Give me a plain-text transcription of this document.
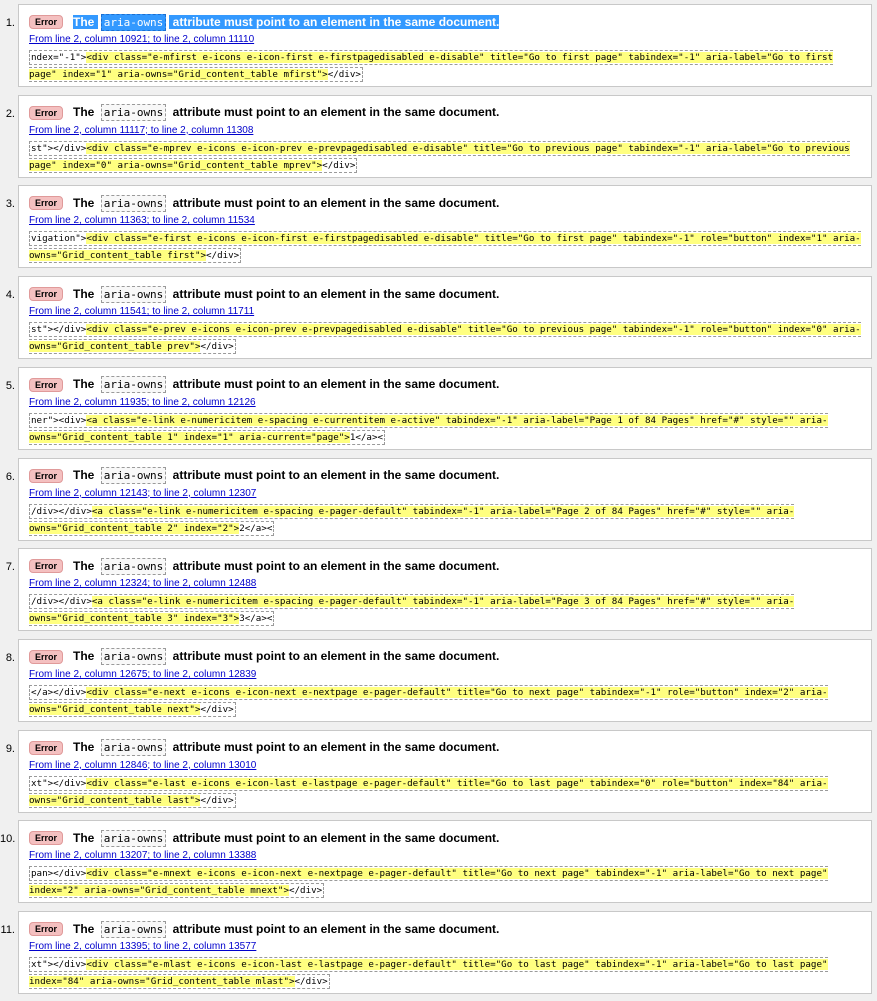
1.	Error	The aria-owns attribute must point to an element in the same document.
From line 2, column 10921; to line 2, column 11110
ndex="-1"><div class="e-mfirst e-icons e-icon-first e-firstpagedisabled e-disable" title="Go to first page" tabindex="-1" aria-label="Go to first page" index="1" aria-owns="Grid_content_table mfirst"></div>
2.	Error	The aria-owns attribute must point to an element in the same document.
From line 2, column 11117; to line 2, column 11308
st"></div><div class="e-mprev e-icons e-icon-prev e-prevpagedisabled e-disable" title="Go to previous page" tabindex="-1" aria-label="Go to previous page" index="0" aria-owns="Grid_content_table mprev"></div>
3.	Error	The aria-owns attribute must point to an element in the same document.
From line 2, column 11363; to line 2, column 11534
vigation"><div class="e-first e-icons e-icon-first e-firstpagedisabled e-disable" title="Go to first page" tabindex="-1" role="button" index="1" aria-owns="Grid_content_table first"></div>
4.	Error	The aria-owns attribute must point to an element in the same document.
From line 2, column 11541; to line 2, column 11711
st"></div><div class="e-prev e-icons e-icon-prev e-prevpagedisabled e-disable" title="Go to previous page" tabindex="-1" role="button" index="0" aria-owns="Grid_content_table prev"></div>
5.	Error	The aria-owns attribute must point to an element in the same document.
From line 2, column 11935; to line 2, column 12126
ner"><div><a class="e-link e-numericitem e-spacing e-currentitem e-active" tabindex="-1" aria-label="Page 1 of 84 Pages" href="#" style="" aria-owns="Grid_content_table 1" index="1" aria-current="page">1</a><
6.	Error	The aria-owns attribute must point to an element in the same document.
From line 2, column 12143; to line 2, column 12307
/div></div><a class="e-link e-numericitem e-spacing e-pager-default" tabindex="-1" aria-label="Page 2 of 84 Pages" href="#" style="" aria-owns="Grid_content_table 2" index="2">2</a><
7.	Error	The aria-owns attribute must point to an element in the same document.
From line 2, column 12324; to line 2, column 12488
/div></div><a class="e-link e-numericitem e-spacing e-pager-default" tabindex="-1" aria-label="Page 3 of 84 Pages" href="#" style="" aria-owns="Grid_content_table 3" index="3">3</a><
8.	Error	The aria-owns attribute must point to an element in the same document.
From line 2, column 12675; to line 2, column 12839
</a></div><div class="e-next e-icons e-icon-next e-nextpage e-pager-default" title="Go to next page" tabindex="-1" role="button" index="2" aria-owns="Grid_content_table next"></div>
9.	Error	The aria-owns attribute must point to an element in the same document.
From line 2, column 12846; to line 2, column 13010
xt"></div><div class="e-last e-icons e-icon-last e-lastpage e-pager-default" title="Go to last page" tabindex="0" role="button" index="84" aria-owns="Grid_content_table last"></div>
10.	Error	The aria-owns attribute must point to an element in the same document.
From line 2, column 13207; to line 2, column 13388
pan></div><div class="e-mnext e-icons e-icon-next e-nextpage e-pager-default" title="Go to next page" tabindex="-1" aria-label="Go to next page" index="2" aria-owns="Grid_content_table mnext"></div>
11.	Error	The aria-owns attribute must point to an element in the same document.
From line 2, column 13395; to line 2, column 13577
xt"></div><div class="e-mlast e-icons e-icon-last e-lastpage e-pager-default" title="Go to last page" tabindex="-1" aria-label="Go to last page" index="84" aria-owns="Grid_content_table mlast"></div>
